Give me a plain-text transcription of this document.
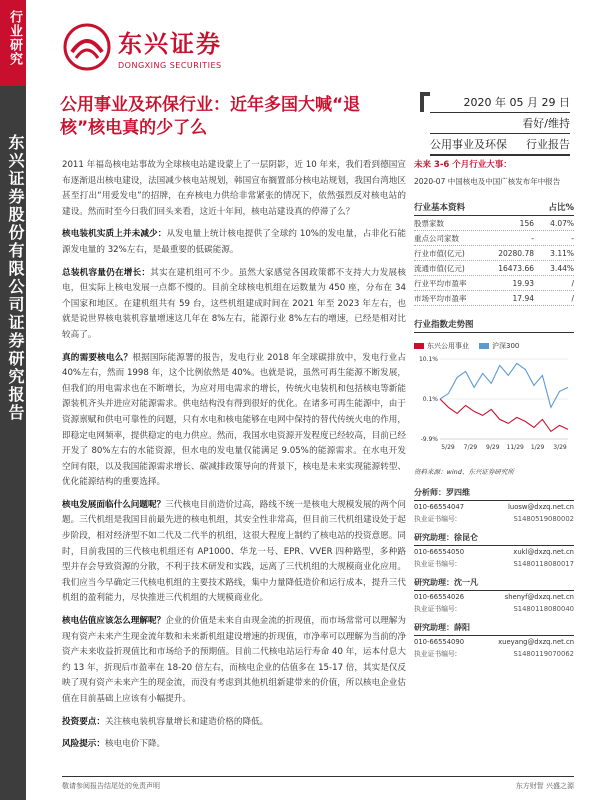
行业研究
东兴证券股份有限公司证券研究报告
东兴证券
DONGXING SECURITIES
公用事业及环保行业：近年多国大喊“退核”核电真的少了么
2020 年 05 月 29 日
看好/维持
公用事业及环保 行业报告
2011 年福岛核电站事故为全球核电站建设蒙上了一层阴影，近 10 年来，我们看到德国宣布逐渐退出核电建设，法国减少核电站规划，韩国宣布搁置部分核电站规划，我国台湾地区甚至打出“用爱发电”的招牌，在弃核电力供给非常紧张的情况下，依然强烈反对核电站的建设。然而时至今日我们回头来看，这近十年间，核电站建设真的停滞了么？
核电装机实质上并未减少：从发电量上统计核电提供了全球约 10%的发电量，占非化石能源发电量的 32%左右，是最重要的低碳能源。
总装机容量仍在增长：其实在建机组可不少。虽然大家感觉各国政策都不支持大力发展核电，但实际上核电发展一点都不慢的。目前全球核电机组在运数量为 450 座，分布在 34 个国家和地区。在建机组共有 59 台，这些机组建成时间在 2021 年至 2023 年左右，也就是说世界核电装机容量增速这几年在 8%左右，能源行业 8%左右的增速，已经是相对比较高了。
真的需要核电么？根据国际能源署的报告，发电行业 2018 年全球碳排放中，发电行业占 40%左右，然而 1998 年，这个比例依然是 40%。也就是说，虽然可再生能源不断发展，但我们的用电需求也在不断增长，为应对用电需求的增长，传统火电装机和包括核电等新能源装机齐头并进应对能源需求。供电结构没有得到很好的优化。在诸多可再生能源中，由于资源禀赋和供电可靠性的问题，只有水电和核电能够在电网中保持的替代传统火电的作用，即稳定电网频率，提供稳定的电力供应。然而，我国水电资源开发程度已经较高，目前已经开发了 80%左右的水能资源，但水电的发电量仅能满足 9.05%的能源需求。在水电开发空间有限，以及我国能源需求增长、碳减排政策导向的背景下，核电是未来实现能源转型、优化能源结构的重要选择。
核电发展面临什么问题呢？三代核电目前造价过高，路线不统一是核电大规模发展的两个问题。三代机组是我国目前最先进的核电机组，其安全性非常高，但目前三代机组建设处于起步阶段，相对经济型不如二代及二代半的机组，这很大程度上制约了核电站的投资意愿。同时，目前我国的三代核电机组还有 AP1000、华龙一号、EPR、VVER 四种路型，多种路型并存会导致资源的分散，不利于技术研发和实践，远离了三代机组的大规模商业化应用。我们应当今早确定三代核电机组的主要技术路线，集中力量降低造价和运行成本，提升三代机组的盈利能力，尽快推进三代机组的大规模商业化。
核电估值应该怎么理解呢？企业的价值是未来自由现金流的折现值，而市场常常可以理解为现有资产未来产生现金流年数和未来新机组建设增速的折现值，市净率可以理解为当前的净资产未来收益折现值比和市场给予的预期值。目前二代核电站运行寿命 40 年，运本付息大约 13 年，折现后市盈率在 18-20 倍左右，而核电企业的估值多在 15-17 倍，其实是仅反映了现有资产未来产生的现金流，而没有考虑到其他机组新建带来的价值，所以核电企业估值在目前基础上应该有小幅提升。
投资要点：关注核电装机容量增长和建造价格的降低。
风险提示：核电电价下降。
未来 3-6 个月行业大事：
2020-07 中国核电及中国广核发布年中报告
行业基本资料	占比%
股票家数	156	4.07%
重点公司家数	-	-
行业市值(亿元)	20280.78	3.11%
流通市值(亿元)	16473.66	3.44%
行业平均市盈率	19.93	/
市场平均市盈率	17.94	/
行业指数走势图
东兴公用事业	沪深300
10.1%
0.1%
-9.9%
5/29 7/29 9/29 11/29 1/29 3/29
资料来源：wind、东兴证券研究所
分析师：罗四维
010-66554047	luosw@dxzq.net.cn
执业证书编号:	S1480519080002
研究助理：徐昆仑
010-66554050	xukl@dxzq.net.cn
执业证书编号:	S1480118080017
研究助理：沈一凡
010-66554026	shenyf@dxzq.net.cn
执业证书编号:	S1480118080040
研究助理：薛阳
010-66554090	xueyang@dxzq.net.cn
执业证书编号:	S1480119070062
敬请参阅报告结尾处的免责声明	东方财智 兴盛之源
